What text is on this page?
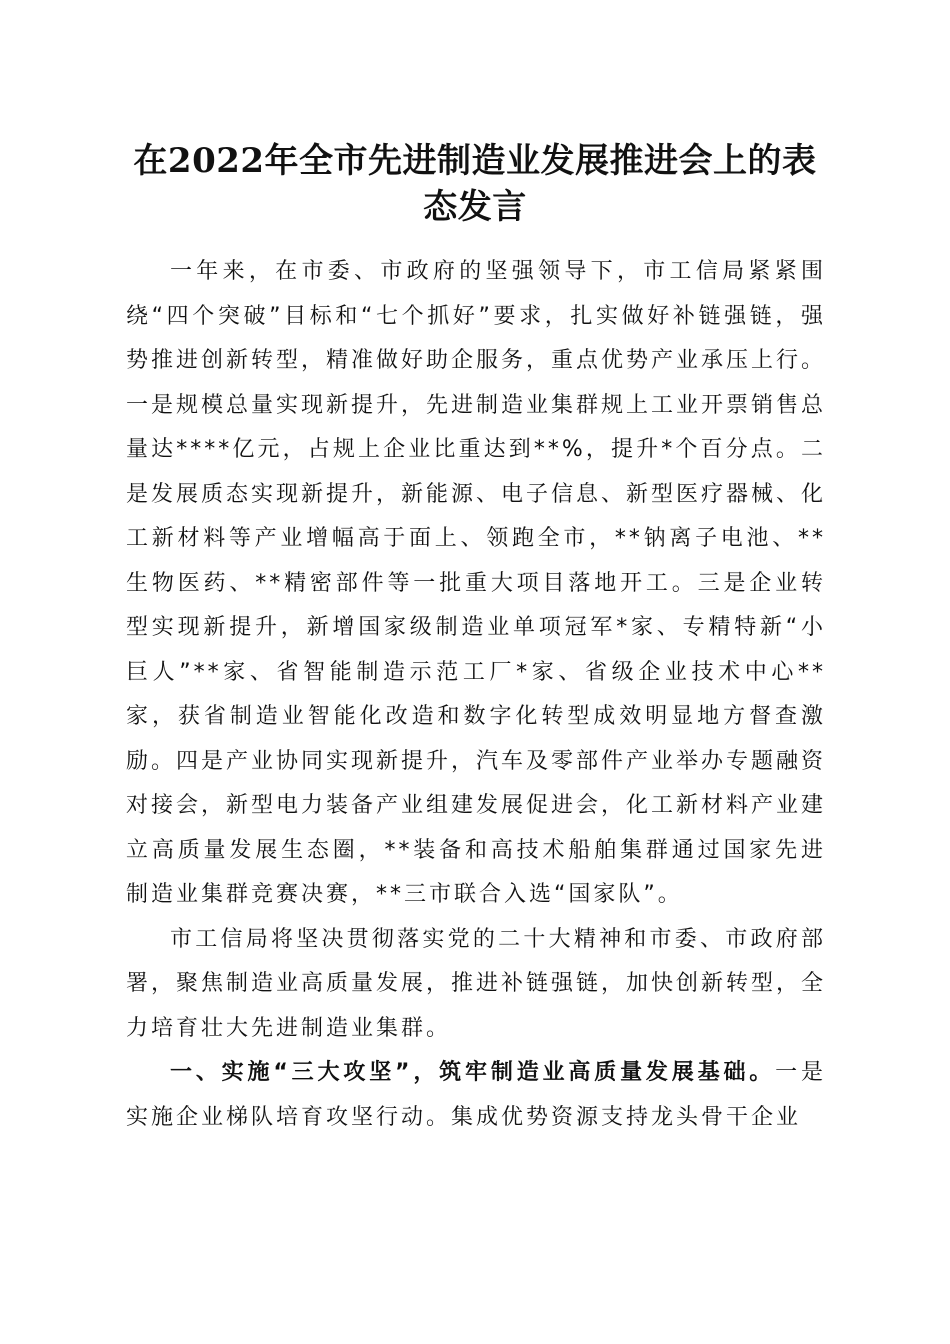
在2022年全市先进制造业发展推进会上的表
态发言

一年来，在市委、市政府的坚强领导下，市工信局紧紧围绕“四个突破”目标和“七个抓好”要求，扎实做好补链强链，强势推进创新转型，精准做好助企服务，重点优势产业承压上行。一是规模总量实现新提升，先进制造业集群规上工业开票销售总量达****亿元，占规上企业比重达到**%，提升*个百分点。二是发展质态实现新提升，新能源、电子信息、新型医疗器械、化工新材料等产业增幅高于面上、领跑全市，**钠离子电池、**生物医药、**精密部件等一批重大项目落地开工。三是企业转型实现新提升，新增国家级制造业单项冠军*家、专精特新“小巨人”**家、省智能制造示范工厂*家、省级企业技术中心**家，获省制造业智能化改造和数字化转型成效明显地方督查激励。四是产业协同实现新提升，汽车及零部件产业举办专题融资对接会，新型电力装备产业组建发展促进会，化工新材料产业建立高质量发展生态圈，**装备和高技术船舶集群通过国家先进制造业集群竞赛决赛，**三市联合入选“国家队”。

市工信局将坚决贯彻落实党的二十大精神和市委、市政府部署，聚焦制造业高质量发展，推进补链强链，加快创新转型，全力培育壮大先进制造业集群。

一、实施“三大攻坚”，筑牢制造业高质量发展基础。一是实施企业梯队培育攻坚行动。集成优势资源支持龙头骨干企业
